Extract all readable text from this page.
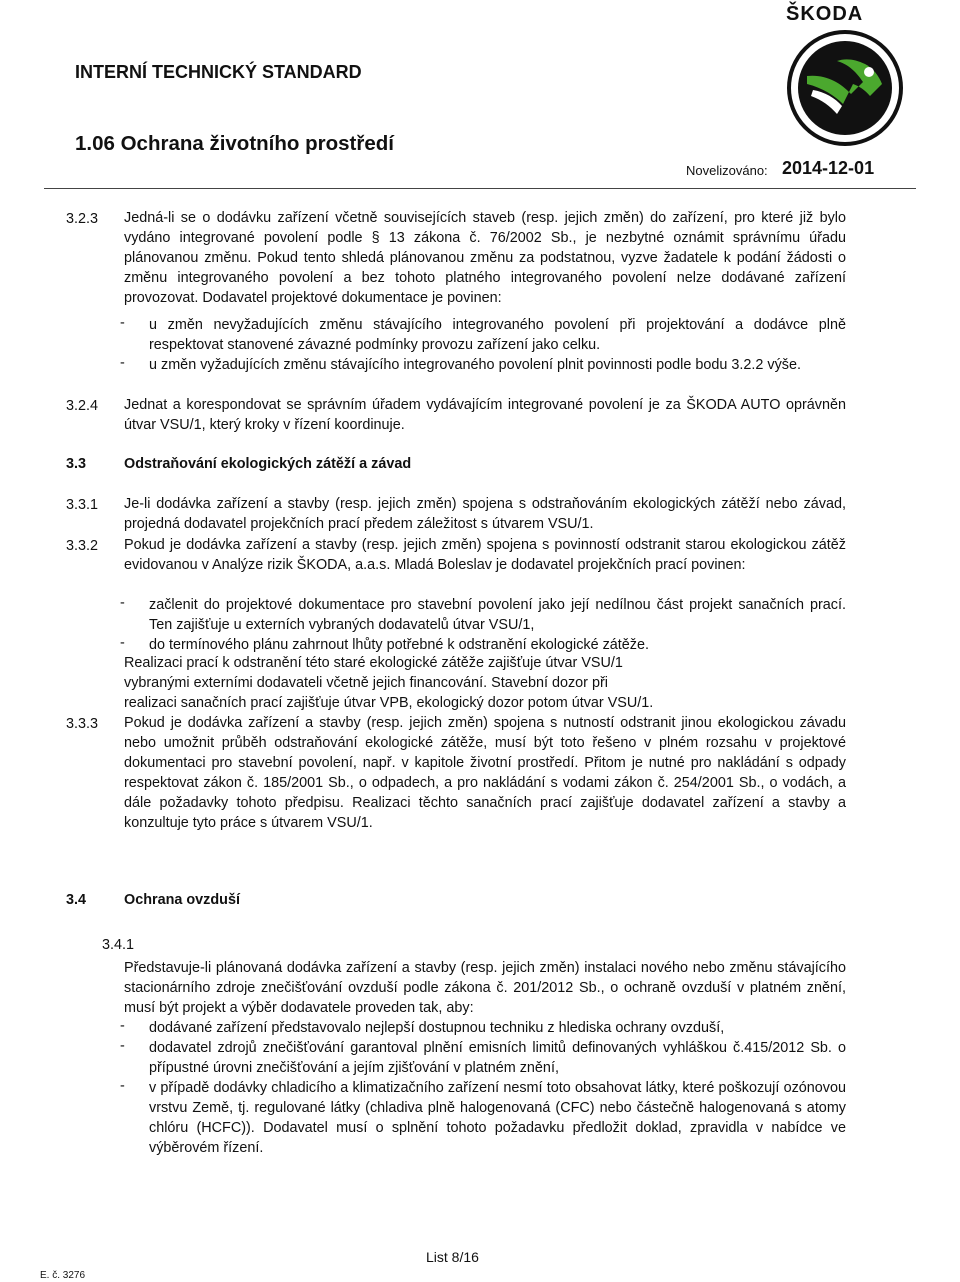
ŠKODA
INTERNÍ TECHNICKÝ STANDARD
1.06 Ochrana životního prostředí
Novelizováno: 2014-12-01
3.2.3 Jedná-li se o dodávku zařízení včetně souvisejících staveb (resp. jejich změn) do zařízení, pro které již bylo vydáno integrované povolení podle § 13 zákona č. 76/2002 Sb., je nezbytné oznámit správnímu úřadu plánovanou změnu. Pokud tento shledá plánovanou změnu za podstatnou, vyzve žadatele k podání žádosti o změnu integrovaného povolení a bez tohoto platného integrovaného povolení nelze dodávané zařízení provozovat. Dodavatel projektové dokumentace je povinen:

- u změn nevyžadujících změnu stávajícího integrovaného povolení při projektování a dodávce plně respektovat stanovené závazné podmínky provozu zařízení jako celku.

- u změn vyžadujících změnu stávajícího integrovaného povolení plnit povinnosti podle bodu 3.2.2 výše.

3.2.4 Jednat a korespondovat se správním úřadem vydávajícím integrované povolení je za ŠKODA AUTO oprávněn útvar VSU/1, který kroky v řízení koordinuje.

3.3	Odstraňování ekologických zátěží a závad
3.3.1 Je-li dodávka zařízení a stavby (resp. jejich změn) spojena s odstraňováním ekologických zátěží nebo závad, projedná dodavatel projekčních prací předem záležitost s útvarem VSU/1.

3.3.2 Pokud je dodávka zařízení a stavby (resp. jejich změn) spojena s povinností odstranit starou ekologickou zátěž evidovanou v Analýze rizik ŠKODA, a.a.s. Mladá Boleslav je dodavatel projekčních prací povinen:

- začlenit do projektové dokumentace pro stavební povolení jako její nedílnou část projekt sanačních prací. Ten zajišťuje u externích vybraných dodavatelů útvar VSU/1,

- do termínového plánu zahrnout lhůty potřebné k odstranění ekologické zátěže.

Realizaci prací k odstranění této staré ekologické zátěže zajišťuje útvar VSU/1
vybranými externími dodavateli včetně jejich financování. Stavební dozor při
realizaci sanačních prací zajišťuje útvar VPB, ekologický dozor potom útvar VSU/1.
3.3.3 Pokud je dodávka zařízení a stavby (resp. jejich změn) spojena s nutností odstranit jinou ekologickou závadu nebo umožnit průběh odstraňování ekologické zátěže, musí být toto řešeno v plném rozsahu v projektové dokumentaci pro stavební povolení, např. v kapitole životní prostředí. Přitom je nutné pro nakládání s odpady respektovat zákon č. 185/2001 Sb., o odpadech, a pro nakládání s vodami zákon č. 254/2001 Sb., o vodách, a dále požadavky tohoto předpisu. Realizaci těchto sanačních prací zajišťuje dodavatel zařízení a stavby a konzultuje tyto práce s útvarem VSU/1.

3.4	Ochrana ovzduší
3.4.1

Představuje-li plánovaná dodávka zařízení a stavby (resp. jejich změn) instalaci nového nebo změnu stávajícího stacionárního zdroje znečišťování ovzduší podle zákona č. 201/2012 Sb., o ochraně ovzduší v platném znění, musí být projekt a výběr dodavatele proveden tak, aby:

- dodávané zařízení představovalo nejlepší dostupnou techniku z hlediska ochrany ovzduší,

- dodavatel zdrojů znečišťování garantoval plnění emisních limitů definovaných vyhláškou č.415/2012 Sb. o přípustné úrovni znečišťování a jejím zjišťování v platném znění,

- v případě dodávky chladicího a klimatizačního zařízení nesmí toto obsahovat látky, které poškozují ozónovou vrstvu Země, tj. regulované látky (chladiva plně halogenovaná (CFC) nebo částečně halogenovaná s atomy chlóru (HCFC)). Dodavatel musí o splnění tohoto požadavku předložit doklad, zpravidla v nabídce ve výběrovém řízení.

List 8/16
E. č. 3276
